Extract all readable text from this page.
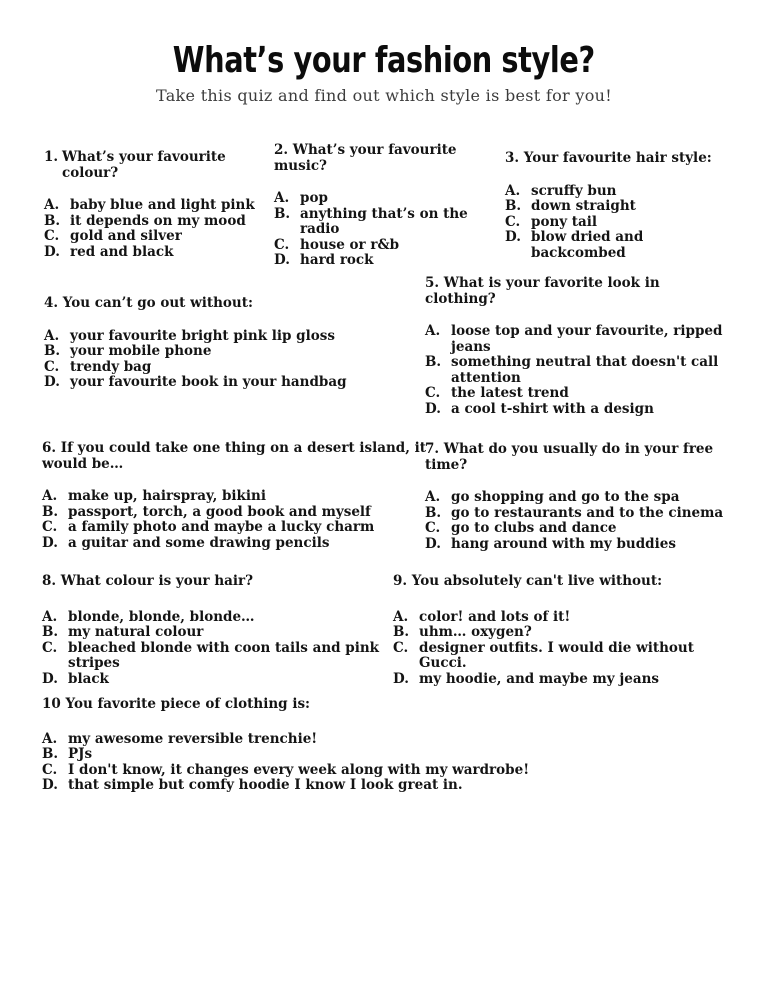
What’s your fashion style?
Take this quiz and find out which style is best for you!

1. What’s your favourite colour?

A. baby blue and light pink
B. it depends on my mood
C. gold and silver
D. red and black

2. What’s your favourite music?

A. pop
B. anything that’s on the radio
C. house or r&b
D. hard rock

3. Your favourite hair style:

A. scruffy bun
B. down straight
C. pony tail
D. blow dried and backcombed

4. You can’t go out without:

A. your favourite bright pink lip gloss
B. your mobile phone
C. trendy bag
D. your favourite book in your handbag

5. What is your favorite look in clothing?

A. loose top and your favourite, ripped jeans
B. something neutral that doesn't call attention
C. the latest trend
D. a cool t-shirt with a design

6. If you could take one thing on a desert island, it would be…

A. make up, hairspray, bikini
B. passport, torch, a good book and myself
C. a family photo and maybe a lucky charm
D. a guitar and some drawing pencils

7. What do you usually do in your free time?

A. go shopping and go to the spa
B. go to restaurants and to the cinema
C. go to clubs and dance
D. hang around with my buddies

8. What colour is your hair?

A. blonde, blonde, blonde…
B. my natural colour
C. bleached blonde with coon tails and pink stripes
D. black

9. You absolutely can't live without:

A. color! and lots of it!
B. uhm… oxygen?
C. designer outfits. I would die without Gucci.
D. my hoodie, and maybe my jeans

10 You favorite piece of clothing is:

A. my awesome reversible trenchie!
B. PJs
C. I don't know, it changes every week along with my wardrobe!
D. that simple but comfy hoodie I know I look great in.
